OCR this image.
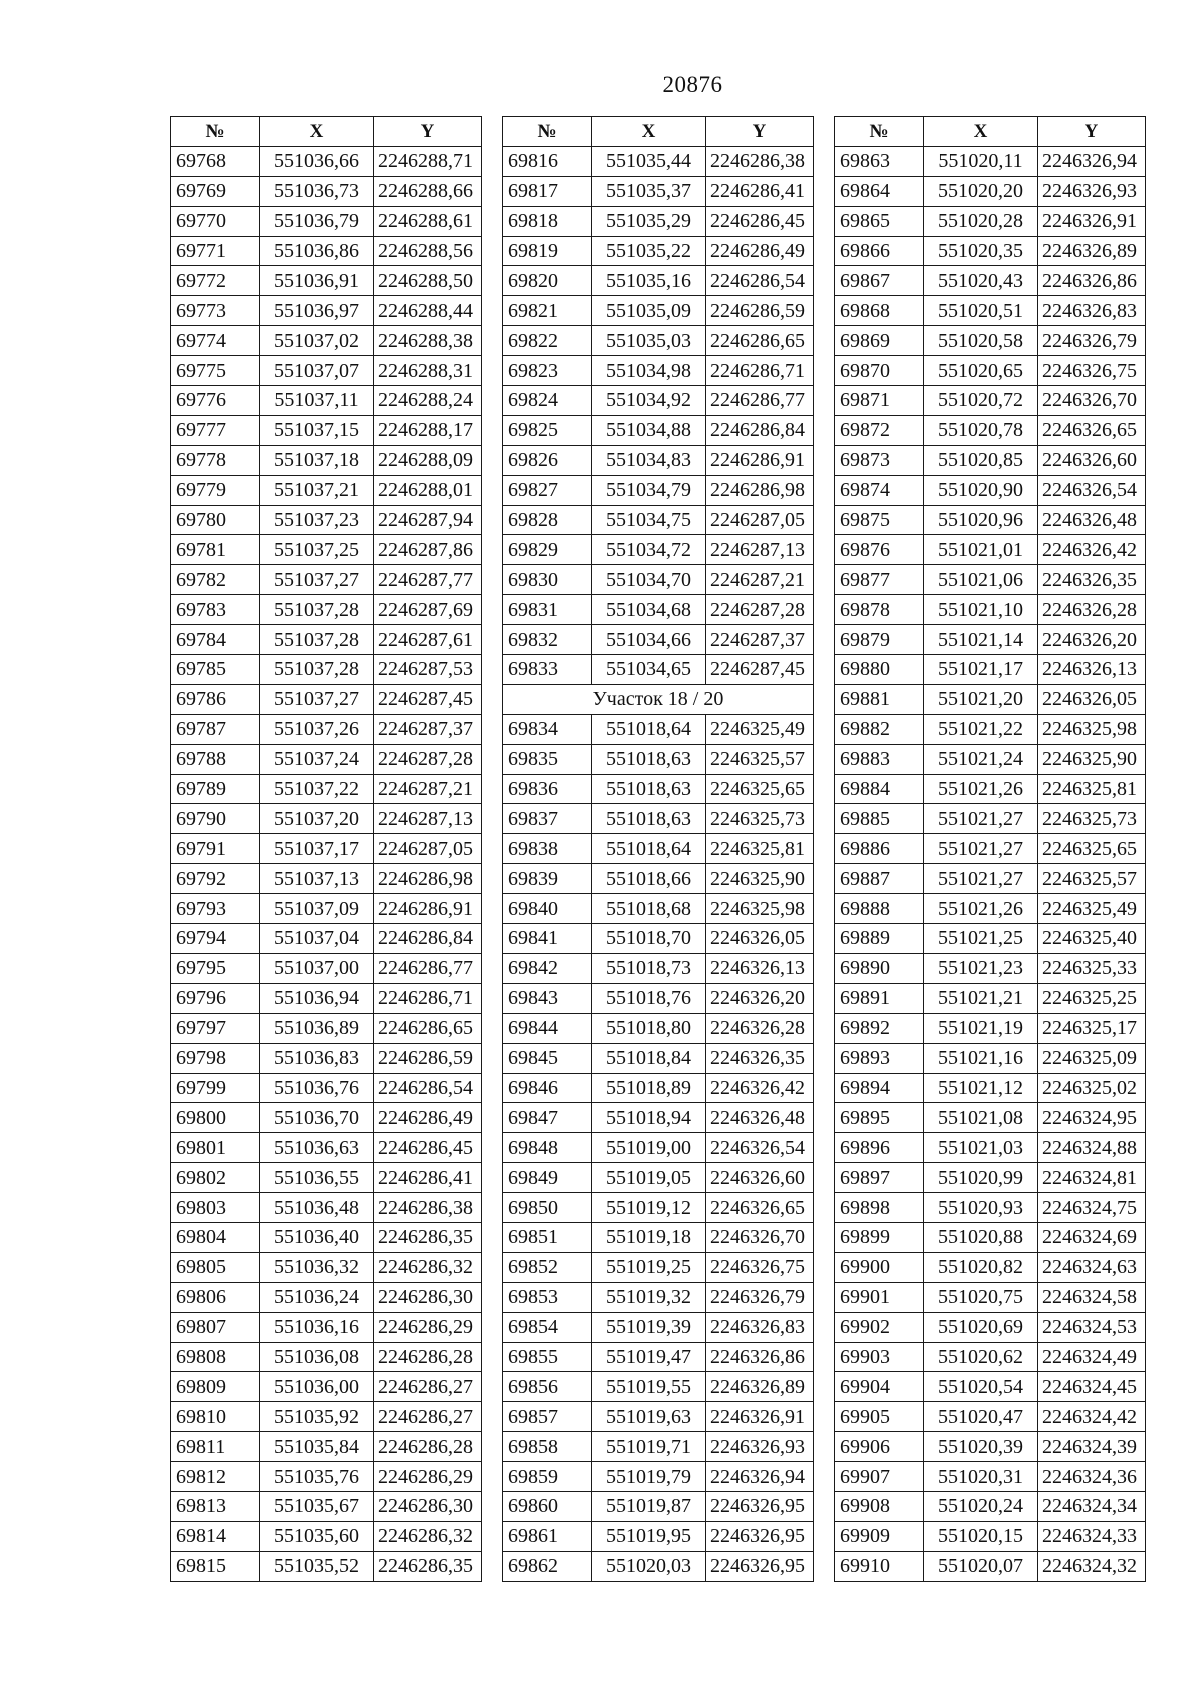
20876
№	X	Y
69768	551036,66	2246288,71
69769	551036,73	2246288,66
69770	551036,79	2246288,61
69771	551036,86	2246288,56
69772	551036,91	2246288,50
69773	551036,97	2246288,44
69774	551037,02	2246288,38
69775	551037,07	2246288,31
69776	551037,11	2246288,24
69777	551037,15	2246288,17
69778	551037,18	2246288,09
69779	551037,21	2246288,01
69780	551037,23	2246287,94
69781	551037,25	2246287,86
69782	551037,27	2246287,77
69783	551037,28	2246287,69
69784	551037,28	2246287,61
69785	551037,28	2246287,53
69786	551037,27	2246287,45
69787	551037,26	2246287,37
69788	551037,24	2246287,28
69789	551037,22	2246287,21
69790	551037,20	2246287,13
69791	551037,17	2246287,05
69792	551037,13	2246286,98
69793	551037,09	2246286,91
69794	551037,04	2246286,84
69795	551037,00	2246286,77
69796	551036,94	2246286,71
69797	551036,89	2246286,65
69798	551036,83	2246286,59
69799	551036,76	2246286,54
69800	551036,70	2246286,49
69801	551036,63	2246286,45
69802	551036,55	2246286,41
69803	551036,48	2246286,38
69804	551036,40	2246286,35
69805	551036,32	2246286,32
69806	551036,24	2246286,30
69807	551036,16	2246286,29
69808	551036,08	2246286,28
69809	551036,00	2246286,27
69810	551035,92	2246286,27
69811	551035,84	2246286,28
69812	551035,76	2246286,29
69813	551035,67	2246286,30
69814	551035,60	2246286,32
69815	551035,52	2246286,35
№	X	Y
69816	551035,44	2246286,38
69817	551035,37	2246286,41
69818	551035,29	2246286,45
69819	551035,22	2246286,49
69820	551035,16	2246286,54
69821	551035,09	2246286,59
69822	551035,03	2246286,65
69823	551034,98	2246286,71
69824	551034,92	2246286,77
69825	551034,88	2246286,84
69826	551034,83	2246286,91
69827	551034,79	2246286,98
69828	551034,75	2246287,05
69829	551034,72	2246287,13
69830	551034,70	2246287,21
69831	551034,68	2246287,28
69832	551034,66	2246287,37
69833	551034,65	2246287,45
Участок 18 / 20		
69834	551018,64	2246325,49
69835	551018,63	2246325,57
69836	551018,63	2246325,65
69837	551018,63	2246325,73
69838	551018,64	2246325,81
69839	551018,66	2246325,90
69840	551018,68	2246325,98
69841	551018,70	2246326,05
69842	551018,73	2246326,13
69843	551018,76	2246326,20
69844	551018,80	2246326,28
69845	551018,84	2246326,35
69846	551018,89	2246326,42
69847	551018,94	2246326,48
69848	551019,00	2246326,54
69849	551019,05	2246326,60
69850	551019,12	2246326,65
69851	551019,18	2246326,70
69852	551019,25	2246326,75
69853	551019,32	2246326,79
69854	551019,39	2246326,83
69855	551019,47	2246326,86
69856	551019,55	2246326,89
69857	551019,63	2246326,91
69858	551019,71	2246326,93
69859	551019,79	2246326,94
69860	551019,87	2246326,95
69861	551019,95	2246326,95
69862	551020,03	2246326,95
№	X	Y
69863	551020,11	2246326,94
69864	551020,20	2246326,93
69865	551020,28	2246326,91
69866	551020,35	2246326,89
69867	551020,43	2246326,86
69868	551020,51	2246326,83
69869	551020,58	2246326,79
69870	551020,65	2246326,75
69871	551020,72	2246326,70
69872	551020,78	2246326,65
69873	551020,85	2246326,60
69874	551020,90	2246326,54
69875	551020,96	2246326,48
69876	551021,01	2246326,42
69877	551021,06	2246326,35
69878	551021,10	2246326,28
69879	551021,14	2246326,20
69880	551021,17	2246326,13
69881	551021,20	2246326,05
69882	551021,22	2246325,98
69883	551021,24	2246325,90
69884	551021,26	2246325,81
69885	551021,27	2246325,73
69886	551021,27	2246325,65
69887	551021,27	2246325,57
69888	551021,26	2246325,49
69889	551021,25	2246325,40
69890	551021,23	2246325,33
69891	551021,21	2246325,25
69892	551021,19	2246325,17
69893	551021,16	2246325,09
69894	551021,12	2246325,02
69895	551021,08	2246324,95
69896	551021,03	2246324,88
69897	551020,99	2246324,81
69898	551020,93	2246324,75
69899	551020,88	2246324,69
69900	551020,82	2246324,63
69901	551020,75	2246324,58
69902	551020,69	2246324,53
69903	551020,62	2246324,49
69904	551020,54	2246324,45
69905	551020,47	2246324,42
69906	551020,39	2246324,39
69907	551020,31	2246324,36
69908	551020,24	2246324,34
69909	551020,15	2246324,33
69910	551020,07	2246324,32
